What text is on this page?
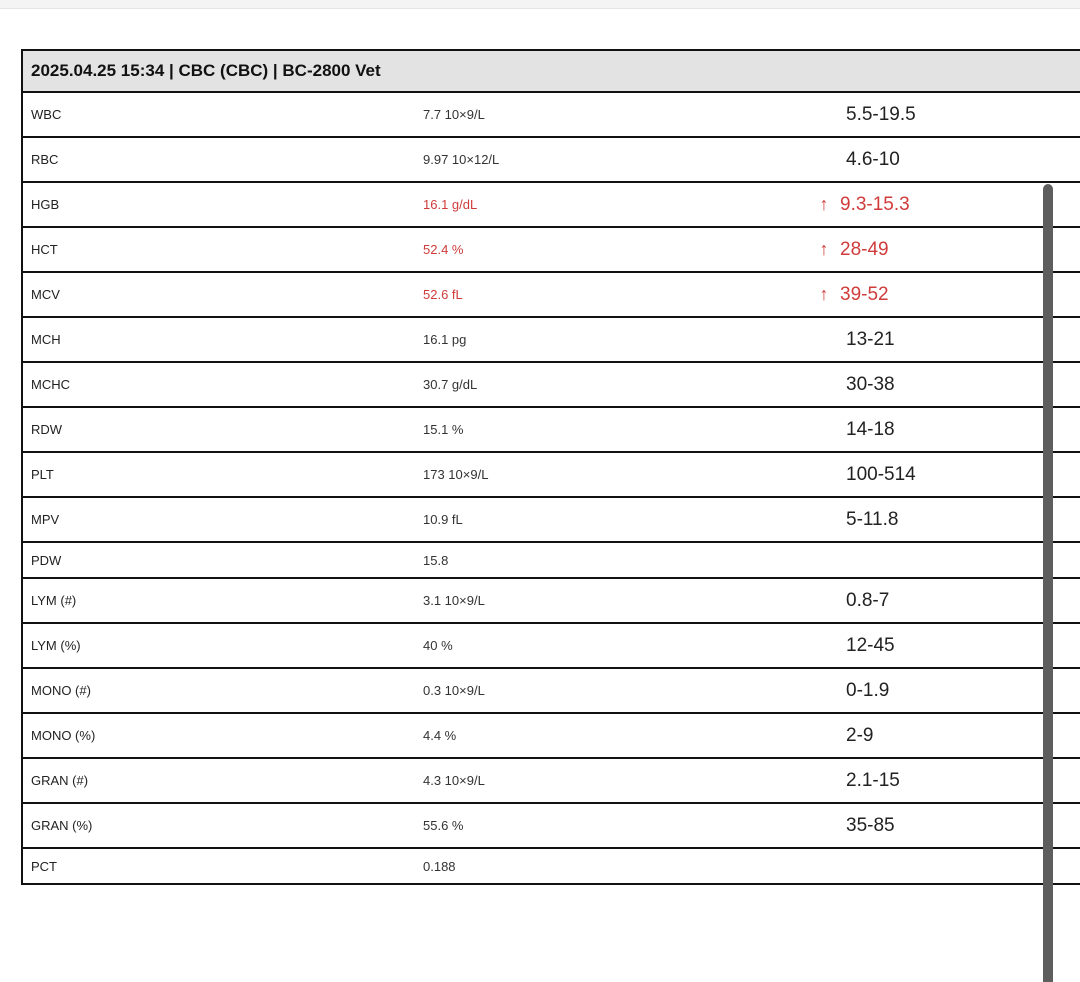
2025.04.25 15:34 | CBC (CBC) | BC-2800 Vet
WBC	7.7 10×9/L	5.5-19.5
RBC	9.97 10×12/L	4.6-10
HGB	16.1 g/dL	↑ 9.3-15.3
HCT	52.4 %	↑ 28-49
MCV	52.6 fL	↑ 39-52
MCH	16.1 pg	13-21
MCHC	30.7 g/dL	30-38
RDW	15.1 %	14-18
PLT	173 10×9/L	100-514
MPV	10.9 fL	5-11.8
PDW	15.8
LYM (#)	3.1 10×9/L	0.8-7
LYM (%)	40 %	12-45
MONO (#)	0.3 10×9/L	0-1.9
MONO (%)	4.4 %	2-9
GRAN (#)	4.3 10×9/L	2.1-15
GRAN (%)	55.6 %	35-85
PCT	0.188
